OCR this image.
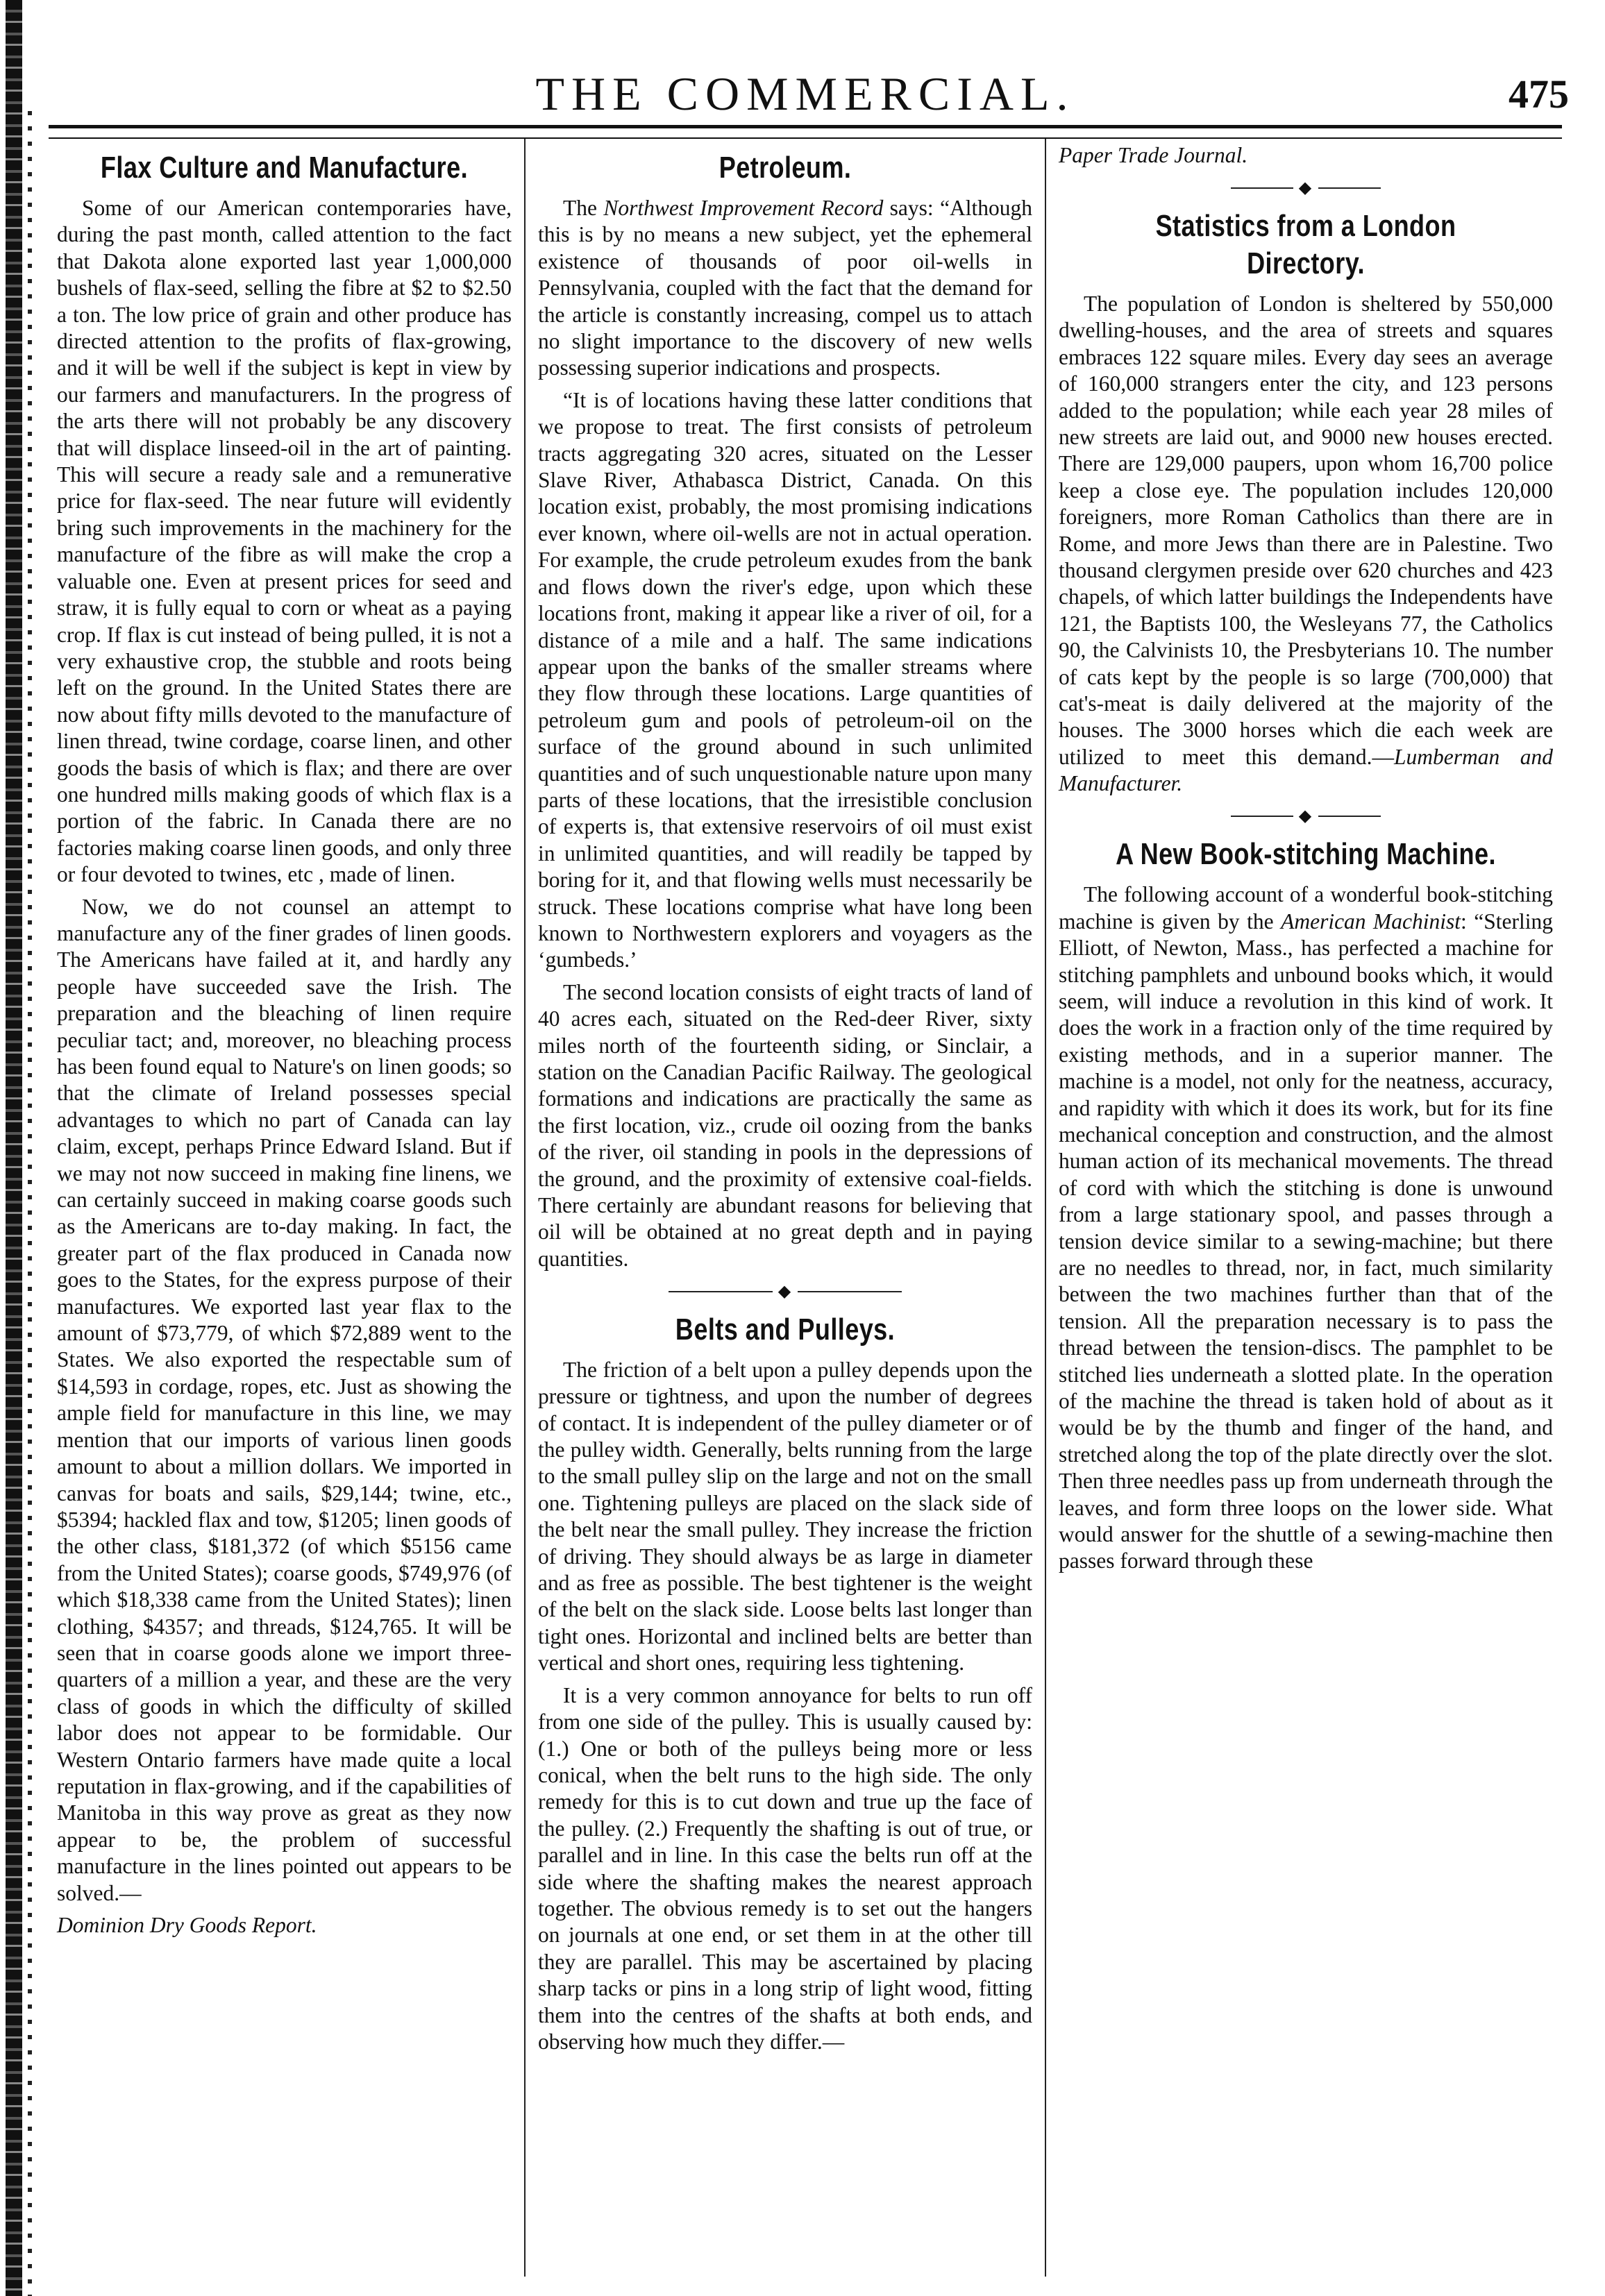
THE COMMERCIAL.	475
Flax Culture and Manufacture.

Some of our American contemporaries have, during the past month, called attention to the fact that Dakota alone exported last year 1,000,000 bushels of flax-seed, selling the fibre at $2 to $2.50 a ton. The low price of grain and other produce has directed attention to the profits of flax-growing, and it will be well if the subject is kept in view by our farmers and manufacturers. In the progress of the arts there will not probably be any discovery that will displace linseed-oil in the art of painting. This will secure a ready sale and a remunerative price for flax-seed. The near future will evidently bring such improvements in the machinery for the manufacture of the fibre as will make the crop a valuable one. Even at present prices for seed and straw, it is fully equal to corn or wheat as a paying crop. If flax is cut instead of being pulled, it is not a very exhaustive crop, the stubble and roots being left on the ground. In the United States there are now about fifty mills devoted to the manufacture of linen thread, twine cordage, coarse linen, and other goods the basis of which is flax; and there are over one hundred mills making goods of which flax is a portion of the fabric. In Canada there are no factories making coarse linen goods, and only three or four devoted to twines, etc , made of linen.

Now, we do not counsel an attempt to manufacture any of the finer grades of linen goods. The Americans have failed at it, and hardly any people have succeeded save the Irish. The preparation and the bleaching of linen require peculiar tact; and, moreover, no bleaching process has been found equal to Nature's on linen goods; so that the climate of Ireland possesses special advantages to which no part of Canada can lay claim, except, perhaps Prince Edward Island. But if we may not now succeed in making fine linens, we can certainly succeed in making coarse goods such as the Americans are to-day making. In fact, the greater part of the flax produced in Canada now goes to the States, for the express purpose of their manufactures. We exported last year flax to the amount of $73,779, of which $72,889 went to the States. We also exported the respectable sum of $14,593 in cordage, ropes, etc. Just as showing the ample field for manufacture in this line, we may mention that our imports of various linen goods amount to about a million dollars. We imported in canvas for boats and sails, $29,144; twine, etc., $5394; hackled flax and tow, $1205; linen goods of the other class, $181,372 (of which $5156 came from the United States); coarse goods, $749,976 (of which $18,338 came from the United States); linen clothing, $4357; and threads, $124,765. It will be seen that in coarse goods alone we import three-quarters of a million a year, and these are the very class of goods in which the difficulty of skilled labor does not appear to be formidable. Our Western Ontario farmers have made quite a local reputation in flax-growing, and if the capabilities of Manitoba in this way prove as great as they now appear to be, the problem of successful manufacture in the lines pointed out appears to be solved.—

Dominion Dry Goods Report.

Petroleum.

The Northwest Improvement Record says: “Although this is by no means a new subject, yet the ephemeral existence of thousands of poor oil-wells in Pennsylvania, coupled with the fact that the demand for the article is constantly increasing, compel us to attach no slight importance to the discovery of new wells possessing superior indications and prospects.

“It is of locations having these latter conditions that we propose to treat. The first consists of petroleum tracts aggregating 320 acres, situated on the Lesser Slave River, Athabasca District, Canada. On this location exist, probably, the most promising indications ever known, where oil-wells are not in actual operation. For example, the crude petroleum exudes from the bank and flows down the river's edge, upon which these locations front, making it appear like a river of oil, for a distance of a mile and a half. The same indications appear upon the banks of the smaller streams where they flow through these locations. Large quantities of petroleum gum and pools of petroleum-oil on the surface of the ground abound in such unlimited quantities and of such unquestionable nature upon many parts of these locations, that the irresistible conclusion of experts is, that extensive reservoirs of oil must exist in unlimited quantities, and will readily be tapped by boring for it, and that flowing wells must necessarily be struck. These locations comprise what have long been known to Northwestern explorers and voyagers as the ‘gumbeds.’

The second location consists of eight tracts of land of 40 acres each, situated on the Red-deer River, sixty miles north of the fourteenth siding, or Sinclair, a station on the Canadian Pacific Railway. The geological formations and indications are practically the same as the first location, viz., crude oil oozing from the banks of the river, oil standing in pools in the depressions of the ground, and the proximity of extensive coal-fields. There certainly are abundant reasons for believing that oil will be obtained at no great depth and in paying quantities.

◆
Belts and Pulleys.

The friction of a belt upon a pulley depends upon the pressure or tightness, and upon the number of degrees of contact. It is independent of the pulley diameter or of the pulley width. Generally, belts running from the large to the small pulley slip on the large and not on the small one. Tightening pulleys are placed on the slack side of the belt near the small pulley. They increase the friction of driving. They should always be as large in diameter and as free as possible. The best tightener is the weight of the belt on the slack side. Loose belts last longer than tight ones. Horizontal and inclined belts are better than vertical and short ones, requiring less tightening.

It is a very common annoyance for belts to run off from one side of the pulley. This is usually caused by: (1.) One or both of the pulleys being more or less conical, when the belt runs to the high side. The only remedy for this is to cut down and true up the face of the pulley. (2.) Frequently the shafting is out of true, or parallel and in line. In this case the belts run off at the side where the shafting makes the nearest approach together. The obvious remedy is to set out the hangers on journals at one end, or set them in at the other till they are parallel. This may be ascertained by placing sharp tacks or pins in a long strip of light wood, fitting them into the centres of the shafts at both ends, and observing how much they differ.—

Paper Trade Journal.

◆
Statistics from a London Directory.

The population of London is sheltered by 550,000 dwelling-houses, and the area of streets and squares embraces 122 square miles. Every day sees an average of 160,000 strangers enter the city, and 123 persons added to the population; while each year 28 miles of new streets are laid out, and 9000 new houses erected. There are 129,000 paupers, upon whom 16,700 police keep a close eye. The population includes 120,000 foreigners, more Roman Catholics than there are in Rome, and more Jews than there are in Palestine. Two thousand clergymen preside over 620 churches and 423 chapels, of which latter buildings the Independents have 121, the Baptists 100, the Wesleyans 77, the Catholics 90, the Calvinists 10, the Presbyterians 10. The number of cats kept by the people is so large (700,000) that cat's-meat is daily delivered at the majority of the houses. The 3000 horses which die each week are utilized to meet this demand.—Lumberman and Manufacturer.

◆
A New Book-stitching Machine.

The following account of a wonderful book-stitching machine is given by the American Machinist: “Sterling Elliott, of Newton, Mass., has perfected a machine for stitching pamphlets and unbound books which, it would seem, will induce a revolution in this kind of work. It does the work in a fraction only of the time required by existing methods, and in a superior manner. The machine is a model, not only for the neatness, accuracy, and rapidity with which it does its work, but for its fine mechanical conception and construction, and the almost human action of its mechanical movements. The thread of cord with which the stitching is done is unwound from a large stationary spool, and passes through a tension device similar to a sewing-machine; but there are no needles to thread, nor, in fact, much similarity between the two machines further than that of the tension. All the preparation necessary is to pass the thread between the tension-discs. The pamphlet to be stitched lies underneath a slotted plate. In the operation of the machine the thread is taken hold of about as it would be by the thumb and finger of the hand, and stretched along the top of the plate directly over the slot. Then three needles pass up from underneath through the leaves, and form three loops on the lower side. What would answer for the shuttle of a sewing-machine then passes forward through these
